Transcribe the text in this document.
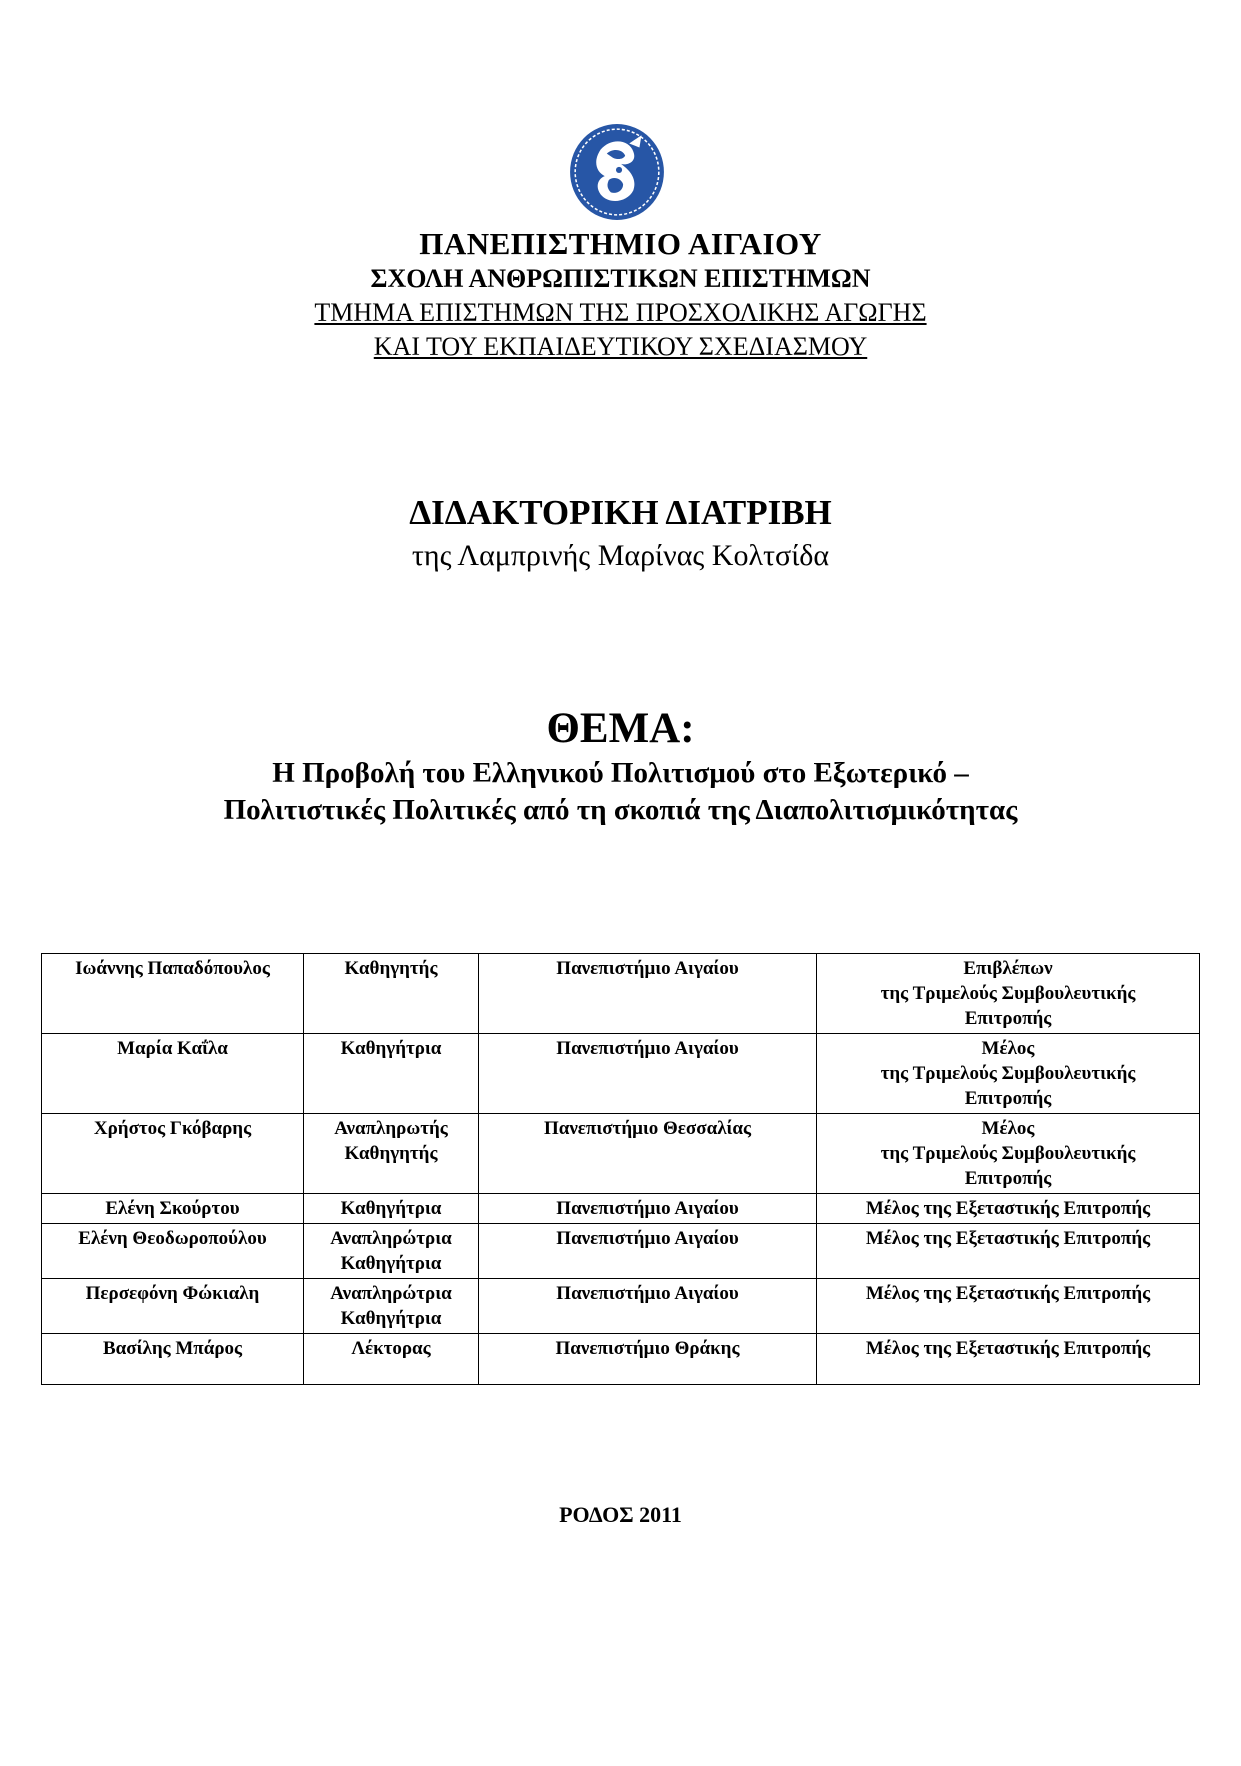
ΠΑΝΕΠΙΣΤΗΜΙΟ ΑΙΓΑΙΟΥ
ΣΧΟΛΗ ΑΝΘΡΩΠΙΣΤΙΚΩΝ ΕΠΙΣΤΗΜΩΝ
ΤΜΗΜΑ ΕΠΙΣΤΗΜΩΝ ΤΗΣ ΠΡΟΣΧΟΛΙΚΗΣ ΑΓΩΓΗΣ
ΚΑΙ ΤΟΥ ΕΚΠΑΙΔΕΥΤΙΚΟΥ ΣΧΕΔΙΑΣΜΟΥ
ΔΙΔΑΚΤΟΡΙΚΗ ΔΙΑΤΡΙΒΗ
της Λαμπρινής Μαρίνας Κολτσίδα
ΘΕΜΑ:
Η Προβολή του Ελληνικού Πολιτισμού στο Εξωτερικό –
Πολιτιστικές Πολιτικές από τη σκοπιά της Διαπολιτισμικότητας
Ιωάννης Παπαδόπουλος	Καθηγητής	Πανεπιστήμιο Αιγαίου	Επιβλέπων
της Τριμελούς Συμβουλευτικής
Επιτροπής

Μαρία Καΐλα	Καθηγήτρια	Πανεπιστήμιο Αιγαίου	Μέλος
της Τριμελούς Συμβουλευτικής
Επιτροπής

Χρήστος Γκόβαρης	Αναπληρωτής
Καθηγητής	Πανεπιστήμιο Θεσσαλίας	Μέλος
της Τριμελούς Συμβουλευτικής
Επιτροπής

Ελένη Σκούρτου	Καθηγήτρια	Πανεπιστήμιο Αιγαίου	Μέλος της Εξεταστικής Επιτροπής

Ελένη Θεοδωροπούλου	Αναπληρώτρια
Καθηγήτρια	Πανεπιστήμιο Αιγαίου	Μέλος της Εξεταστικής Επιτροπής

Περσεφόνη Φώκιαλη	Αναπληρώτρια
Καθηγήτρια	Πανεπιστήμιο Αιγαίου	Μέλος της Εξεταστικής Επιτροπής

Βασίλης Μπάρος	Λέκτορας	Πανεπιστήμιο Θράκης	Μέλος της Εξεταστικής Επιτροπής
ΡΟΔΟΣ 2011
